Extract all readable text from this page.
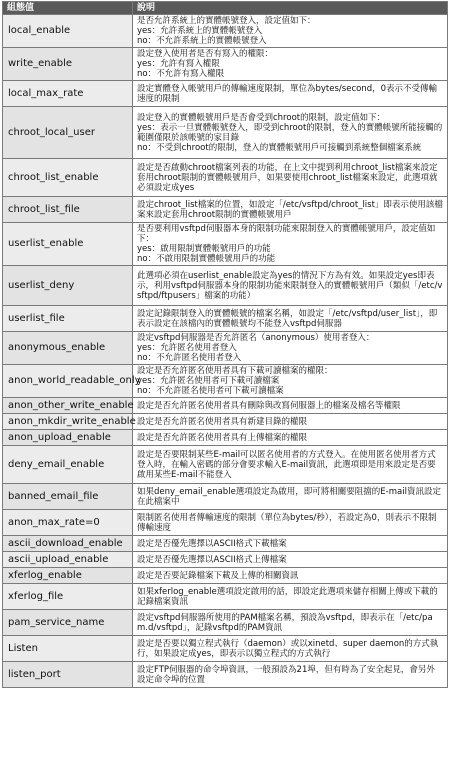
組態值	說明
local_enable	是否允許系統上的實體帳號登入，設定值如下：
yes：允許系統上的實體帳號登入
no：不允許系統上的實體帳號登入

write_enable	設定登入使用者是否有寫入的權限：
yes：允許有寫入權限
no：不允許有寫入權限

local_max_rate	設定實體登入帳號用戶的傳輸速度限制，單位為bytes/second，0表示不受傳輸速度的限制

chroot_local_user	設定登入的實體帳號用戶是否會受到chroot的限制，設定值如下：
yes：表示一旦實體帳號登入，即受到chroot的限制，登入的實體帳號所能接觸的範圍僅限於該帳號的家目錄
no：不受到chroot的限制，登入的實體帳號用戶可接觸到系統整個檔案系統

chroot_list_enable	設定是否啟動chroot檔案列表的功能，在上文中提到利用chroot_list檔案來設定套用chroot限制的實體帳號用戶，如果要使用chroot_list檔案來設定，此選項就必須設定成yes

chroot_list_file	設定chroot_list檔案的位置，如設定「/etc/vsftpd/chroot_list」即表示使用該檔案來設定套用chroot限制的實體帳號用戶

userlist_enable	是否要利用vsftpd伺服器本身的限制功能來限制登入的實體帳號用戶，設定值如下：
yes：啟用限制實體帳號用戶的功能
no：不啟用限制實體帳號用戶的功能

userlist_deny	此選項必須在userlist_enable設定為yes的情況下方為有效。如果設定yes即表示，利用vsftpd伺服器本身的限制功能來限制登入的實體帳號用戶（類似「/etc/vsftpd/ftpusers」檔案的功能）

userlist_file	設定記錄限制登入的實體帳號的檔案名稱，如設定「/etc/vsftpd/user_list」，即表示設定在該檔內的實體帳號均不能登入vsftpd伺服器

anonymous_enable	設定vsftpd伺服器是否允許匿名（anonymous）使用者登入：
yes：允許匿名使用者登入
no：不允許匿名使用者登入

anon_world_readable_only	設定是否允許匿名使用者具有下載可讀檔案的權限：
yes：允許匿名使用者可下載可讀檔案
no：不允許匿名使用者可下載可讀檔案

anon_other_write_enable	設定是否允許匿名使用者具有刪除與改寫伺服器上的檔案及檔名等權限

anon_mkdir_write_enable	設定是否允許匿名使用者具有新建目錄的權限

anon_upload_enable	設定是否允許匿名使用者具有上傳檔案的權限

deny_email_enable	設定是否要限制某些E-mail可以匿名使用者的方式登入。在使用匿名使用者方式登入時，在輸入密碼的部分會要求輸入E-mail資訊，此選項即是用來設定是否要啟用某些E-mail不能登入

banned_email_file	如果deny_email_enable選項設定為啟用，即可將相關要阻擋的E-mail資訊設定在此檔案中

anon_max_rate=0	限制匿名使用者傳輸速度的限制（單位為bytes/秒），若設定為0，則表示不限制傳輸速度

ascii_download_enable	設定是否優先選擇以ASCII格式下載檔案

ascii_upload_enable	設定是否優先選擇以ASCII格式上傳檔案

xferlog_enable	設定是否要記錄檔案下載及上傳的相關資訊

xferlog_file	如果xferlog_enable選項設定啟用的話，即設定此選項來儲存相關上傳或下載的記錄檔案資訊

pam_service_name	設定vsftpd伺服器所使用的PAM檔案名稱，預設為vsftpd，即表示在「/etc/pam.d/vsftpd」，記錄vsftpd的PAM資訊

Listen	設定是否要以獨立程式執行（daemon）或以xinetd、super daemon的方式執行，如果設定成yes，即表示以獨立程式的方式執行

listen_port	設定FTP伺服器的命令埠資訊，一般預設為21埠，但有時為了安全起見，會另外設定命令埠的位置
